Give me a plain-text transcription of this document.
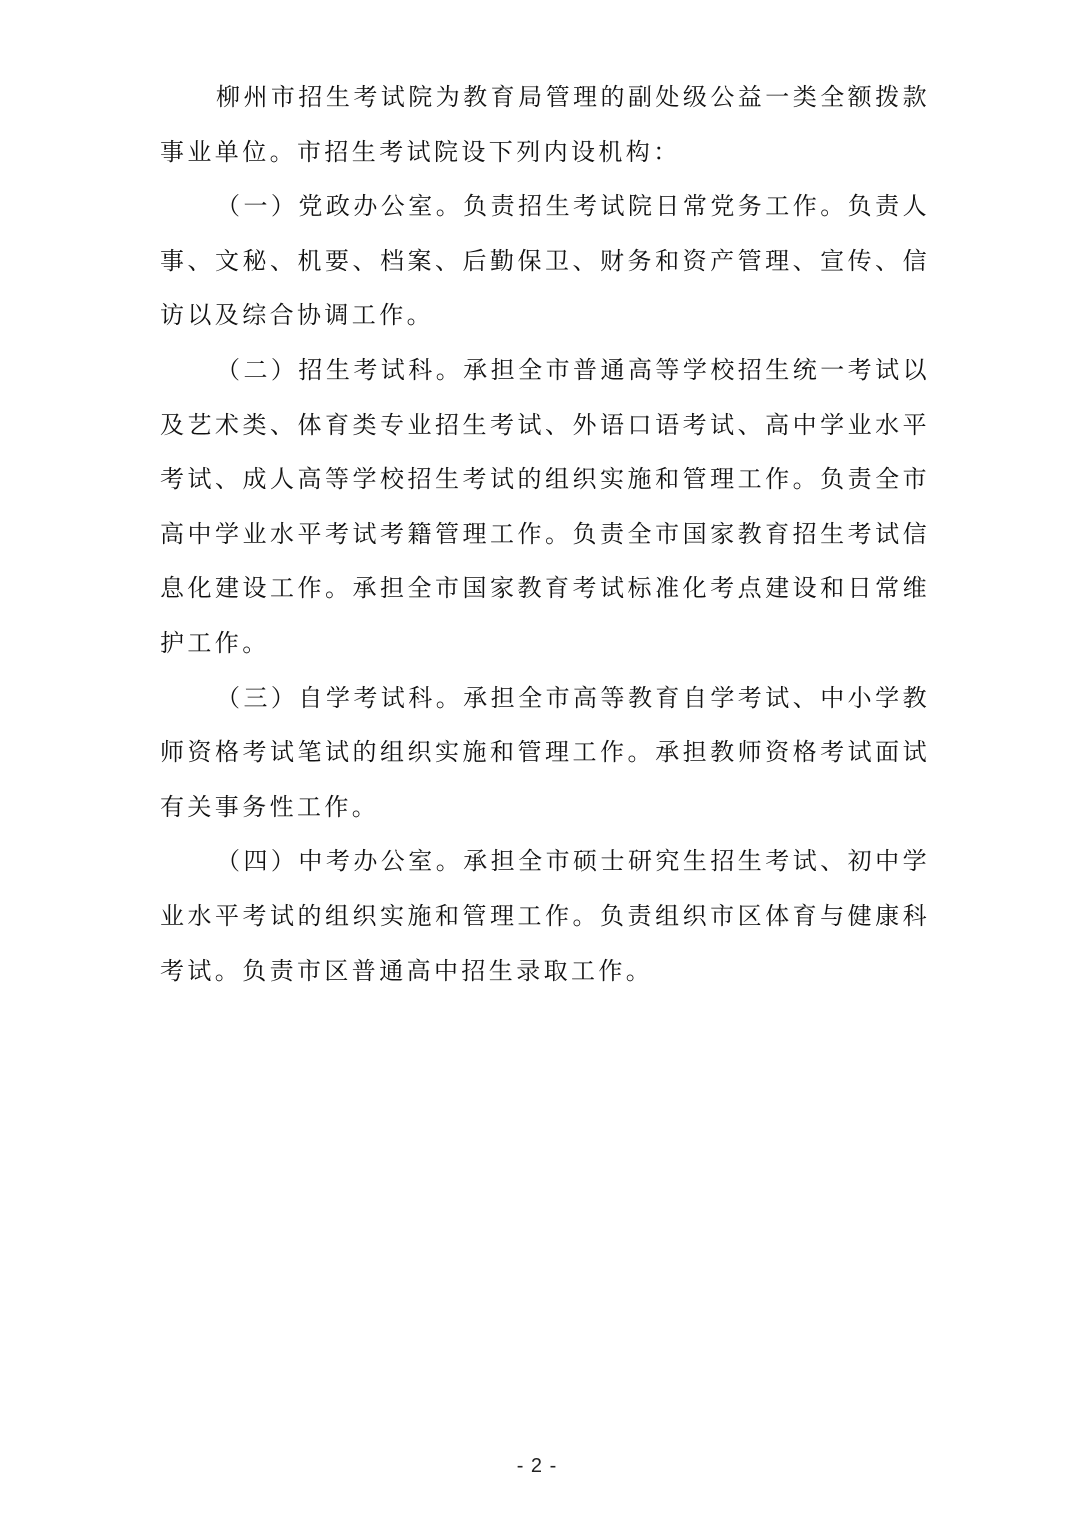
柳州市招生考试院为教育局管理的副处级公益一类全额拨款事业单位。市招生考试院设下列内设机构：

（一）党政办公室。负责招生考试院日常党务工作。负责人事、文秘、机要、档案、后勤保卫、财务和资产管理、宣传、信访以及综合协调工作。

（二）招生考试科。承担全市普通高等学校招生统一考试以及艺术类、体育类专业招生考试、外语口语考试、高中学业水平考试、成人高等学校招生考试的组织实施和管理工作。负责全市高中学业水平考试考籍管理工作。负责全市国家教育招生考试信息化建设工作。承担全市国家教育考试标准化考点建设和日常维护工作。

（三）自学考试科。承担全市高等教育自学考试、中小学教师资格考试笔试的组织实施和管理工作。承担教师资格考试面试有关事务性工作。

（四）中考办公室。承担全市硕士研究生招生考试、初中学业水平考试的组织实施和管理工作。负责组织市区体育与健康科考试。负责市区普通高中招生录取工作。

- 2 -
